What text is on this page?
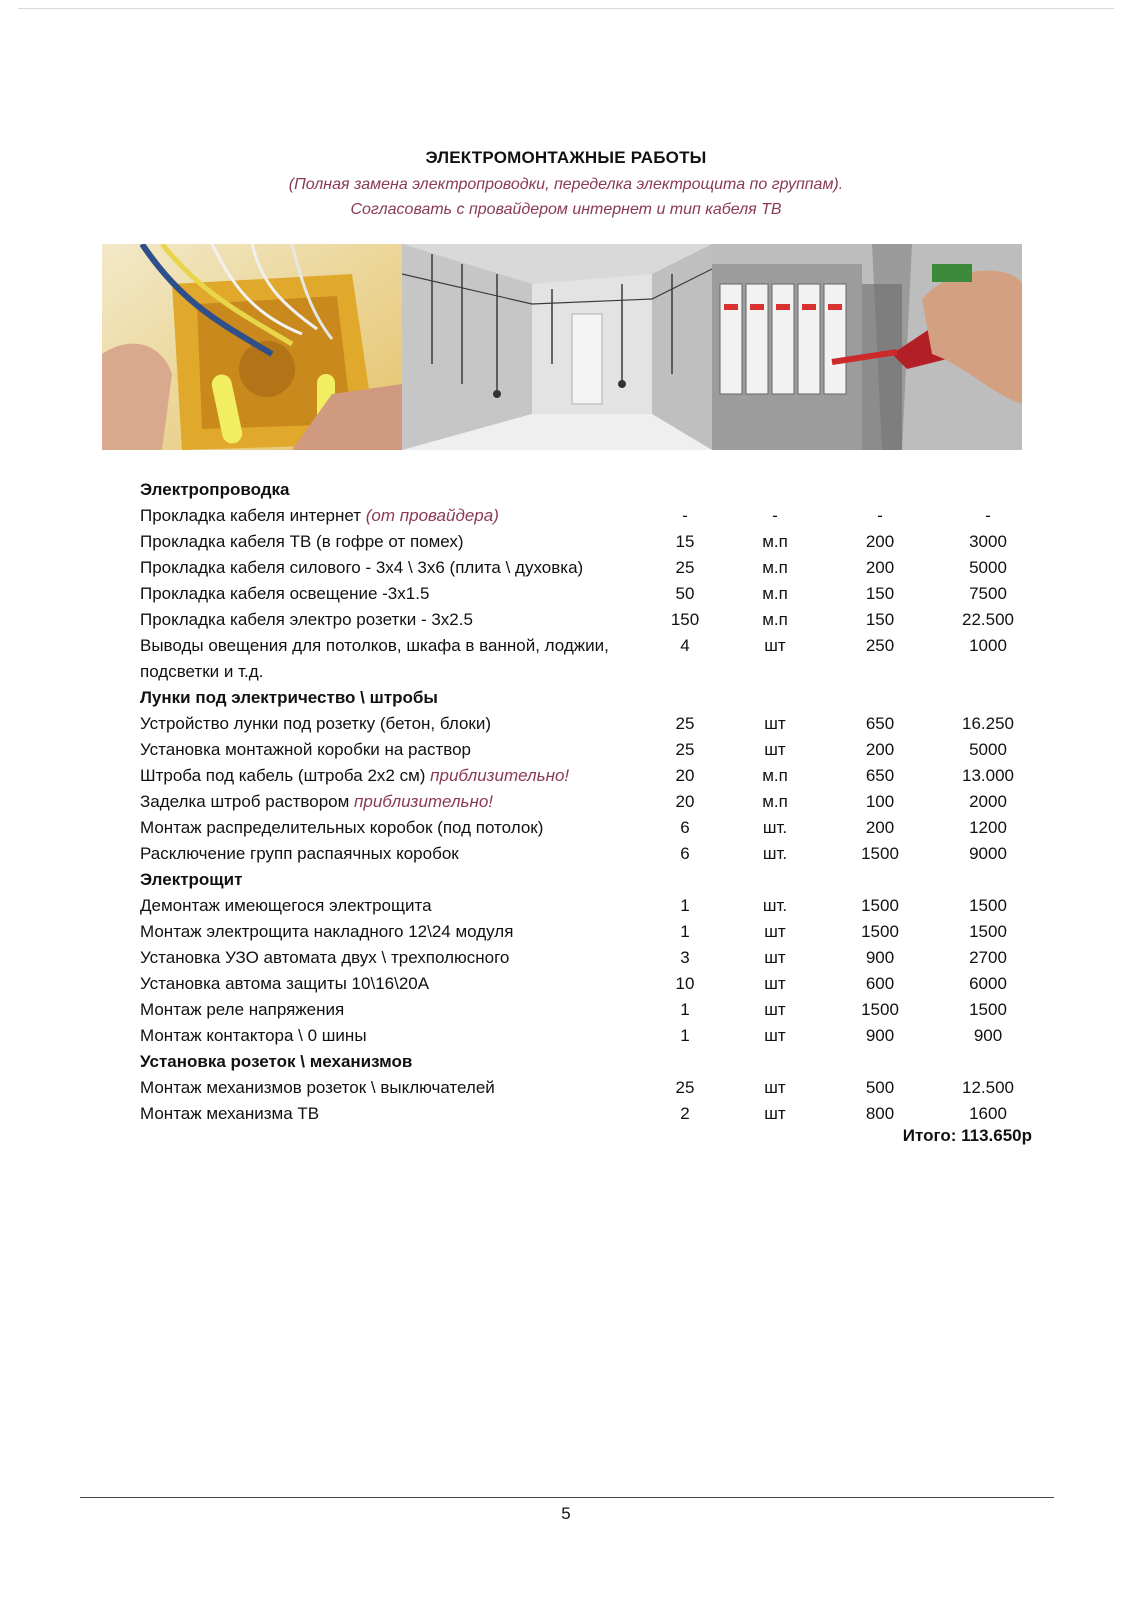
ЭЛЕКТРОМОНТАЖНЫЕ РАБОТЫ
(Полная замена электропроводки, переделка электрощита по группам).
Согласовать с провайдером интернет и тип кабеля ТВ
Электропроводка
Прокладка кабеля интернет (от провайдера)	-	-	-	-
Прокладка кабеля ТВ (в гофре от помех)	15	м.п	200	3000
Прокладка кабеля силового - 3х4 \ 3х6 (плита \ духовка)	25	м.п	200	5000
Прокладка кабеля освещение -3х1.5	50	м.п	150	7500
Прокладка кабеля электро розетки - 3х2.5	150	м.п	150	22.500
Выводы овещения для потолков, шкафа в ванной, лоджии, подсветки и т.д.
4	шт	250	1000
Лунки под электричество \ штробы
Устройство лунки под розетку (бетон, блоки)	25	шт	650	16.250
Установка монтажной коробки на раствор	25	шт	200	5000
Штроба под кабель (штроба 2х2 см) приблизительно!	20	м.п	650	13.000
Заделка штроб раствором приблизительно!	20	м.п	100	2000
Монтаж распределительных коробок (под потолок)	6	шт.	200	1200
Расключение групп распаячных коробок	6	шт.	1500	9000
Электрощит
Демонтаж имеющегося электрощита	1	шт.	1500	1500
Монтаж электрощита накладного 12\24 модуля	1	шт	1500	1500
Установка УЗО автомата двух \ трехполюсного	3	шт	900	2700
Установка автома защиты 10\16\20А	10	шт	600	6000
Монтаж реле напряжения	1	шт	1500	1500
Монтаж контактора \ 0 шины	1	шт	900	900
Установка розеток \ механизмов
Монтаж механизмов розеток \ выключателей	25	шт	500	12.500
Монтаж механизма ТВ	2	шт	800	1600
Итого: 113.650р
5
